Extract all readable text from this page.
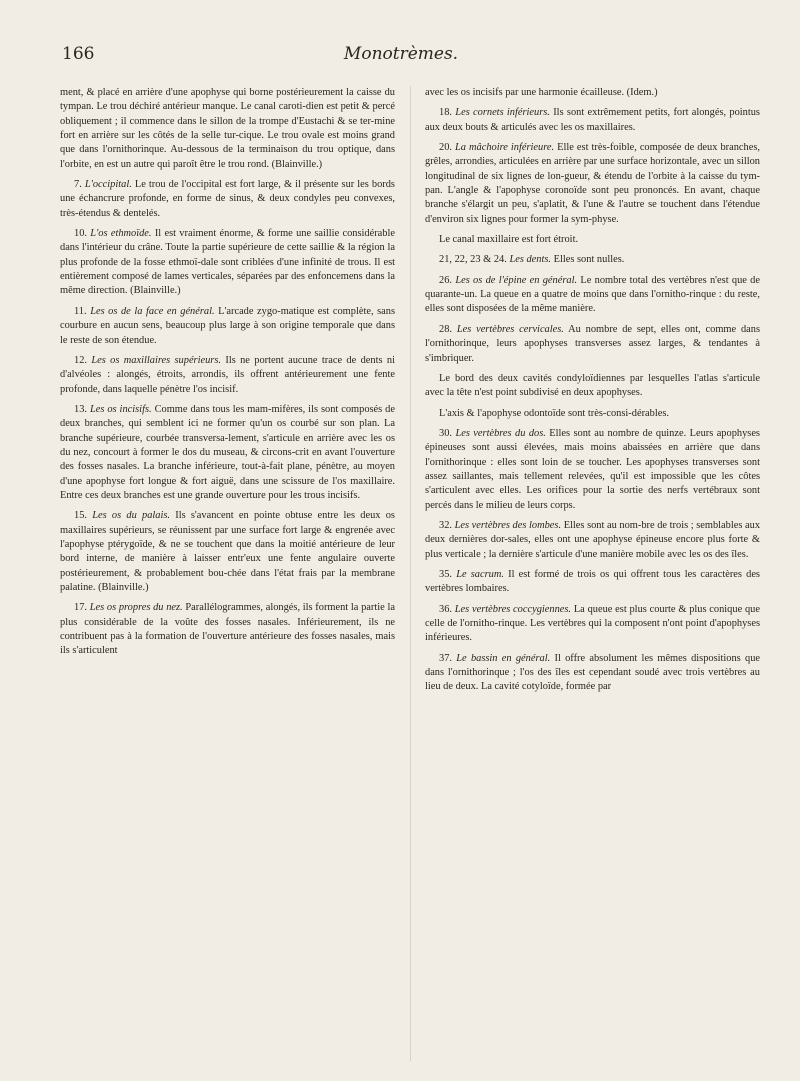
166	Monotrèmes.

ment, & placé en arrière d'une apophyse qui borne postérieurement la caisse du tympan. Le trou déchiré antérieur manque. Le canal caroti-dien est petit & percé obliquement ; il commence dans le sillon de la trompe d'Eustachi & se ter-mine fort en arrière sur les côtés de la selle tur-cique. Le trou ovale est moins grand que dans l'ornithorinque. Au-dessous de la terminaison du trou optique, dans l'orbite, en est un autre qui paroît être le trou rond. (Blainville.)

7. L'occipital. Le trou de l'occipital est fort large, & il présente sur les bords une échancrure profonde, en forme de sinus, & deux condyles peu convexes, très-étendus & dentelés.

10. L'os ethmoïde. Il est vraiment énorme, & forme une saillie considérable dans l'intérieur du crâne. Toute la partie supérieure de cette saillie & la région la plus profonde de la fosse ethmoï-dale sont criblées d'une infinité de trous. Il est entièrement composé de lames verticales, séparées par des enfoncemens dans la même direction. (Blainville.)

11. Les os de la face en général. L'arcade zygo-matique est complète, sans courbure en aucun sens, beaucoup plus large à son origine temporale que dans le reste de son étendue.

12. Les os maxillaires supérieurs. Ils ne portent aucune trace de dents ni d'alvéoles : alongés, étroits, arrondis, ils offrent antérieurement une fente profonde, dans laquelle pénètre l'os incisif.

13. Les os incisifs. Comme dans tous les mam-mifères, ils sont composés de deux branches, qui semblent ici ne former qu'un os courbé sur son plan. La branche supérieure, courbée transversa-lement, s'articule en arrière avec les os du nez, concourt à former le dos du museau, & circons-crit en avant l'ouverture des fosses nasales. La branche inférieure, tout-à-fait plane, pénètre, au moyen d'une apophyse fort longue & fort aiguë, dans une scissure de l'os maxillaire. Entre ces deux branches est une grande ouverture pour les trous incisifs.

15. Les os du palais. Ils s'avancent en pointe obtuse entre les deux os maxillaires supérieurs, se réunissent par une surface fort large & engrenée avec l'apophyse ptérygoïde, & ne se touchent que dans la moitié antérieure de leur bord interne, de manière à laisser entr'eux une fente angulaire ouverte postérieurement, & probablement bou-chée dans l'état frais par la membrane palatine. (Blainville.)

17. Les os propres du nez. Parallélogrammes, alongés, ils forment la partie la plus considérable de la voûte des fosses nasales. Inférieurement, ils ne contribuent pas à la formation de l'ouverture antérieure des fosses nasales, mais ils s'articulent

avec les os incisifs par une harmonie écailleuse. (Idem.)

18. Les cornets inférieurs. Ils sont extrêmement petits, fort alongés, pointus aux deux bouts & articulés avec les os maxillaires.

20. La mâchoire inférieure. Elle est très-foible, composée de deux branches, grêles, arrondies, articulées en arrière par une surface horizontale, avec un sillon longitudinal de six lignes de lon-gueur, & étendu de l'orbite à la caisse du tym-pan. L'angle & l'apophyse coronoïde sont peu prononcés. En avant, chaque branche s'élargit un peu, s'aplatit, & l'une & l'autre se touchent dans l'étendue d'environ six lignes pour former la sym-physe.

Le canal maxillaire est fort étroit.

21, 22, 23 & 24. Les dents. Elles sont nulles.

26. Les os de l'épine en général. Le nombre total des vertèbres n'est que de quarante-un. La queue en a quatre de moins que dans l'ornitho-rinque : du reste, elles sont disposées de la même manière.

28. Les vertèbres cervicales. Au nombre de sept, elles ont, comme dans l'ornithorinque, leurs apophyses transverses assez larges, & tendantes à s'imbriquer.

Le bord des deux cavités condyloïdiennes par lesquelles l'atlas s'articule avec la tête n'est point subdivisé en deux apophyses.

L'axis & l'apophyse odontoïde sont très-consi-dérables.

30. Les vertèbres du dos. Elles sont au nombre de quinze. Leurs apophyses épineuses sont aussi élevées, mais moins abaissées en arrière que dans l'ornithorinque : elles sont loin de se toucher. Les apophyses transverses sont assez saillantes, mais tellement relevées, qu'il est impossible que les côtes s'articulent avec elles. Les orifices pour la sortie des nerfs vertébraux sont percés dans le milieu de leurs corps.

32. Les vertèbres des lombes. Elles sont au nom-bre de trois ; semblables aux deux dernières dor-sales, elles ont une apophyse épineuse encore plus forte & plus verticale ; la dernière s'articule d'une manière mobile avec les os des îles.

35. Le sacrum. Il est formé de trois os qui offrent tous les caractères des vertèbres lombaires.

36. Les vertèbres coccygiennes. La queue est plus courte & plus conique que celle de l'ornitho-rinque. Les vertèbres qui la composent n'ont point d'apophyses inférieures.

37. Le bassin en général. Il offre absolument les mêmes dispositions que dans l'ornithorinque ; l'os des îles est cependant soudé avec trois vertèbres au lieu de deux. La cavité cotyloïde, formée par
